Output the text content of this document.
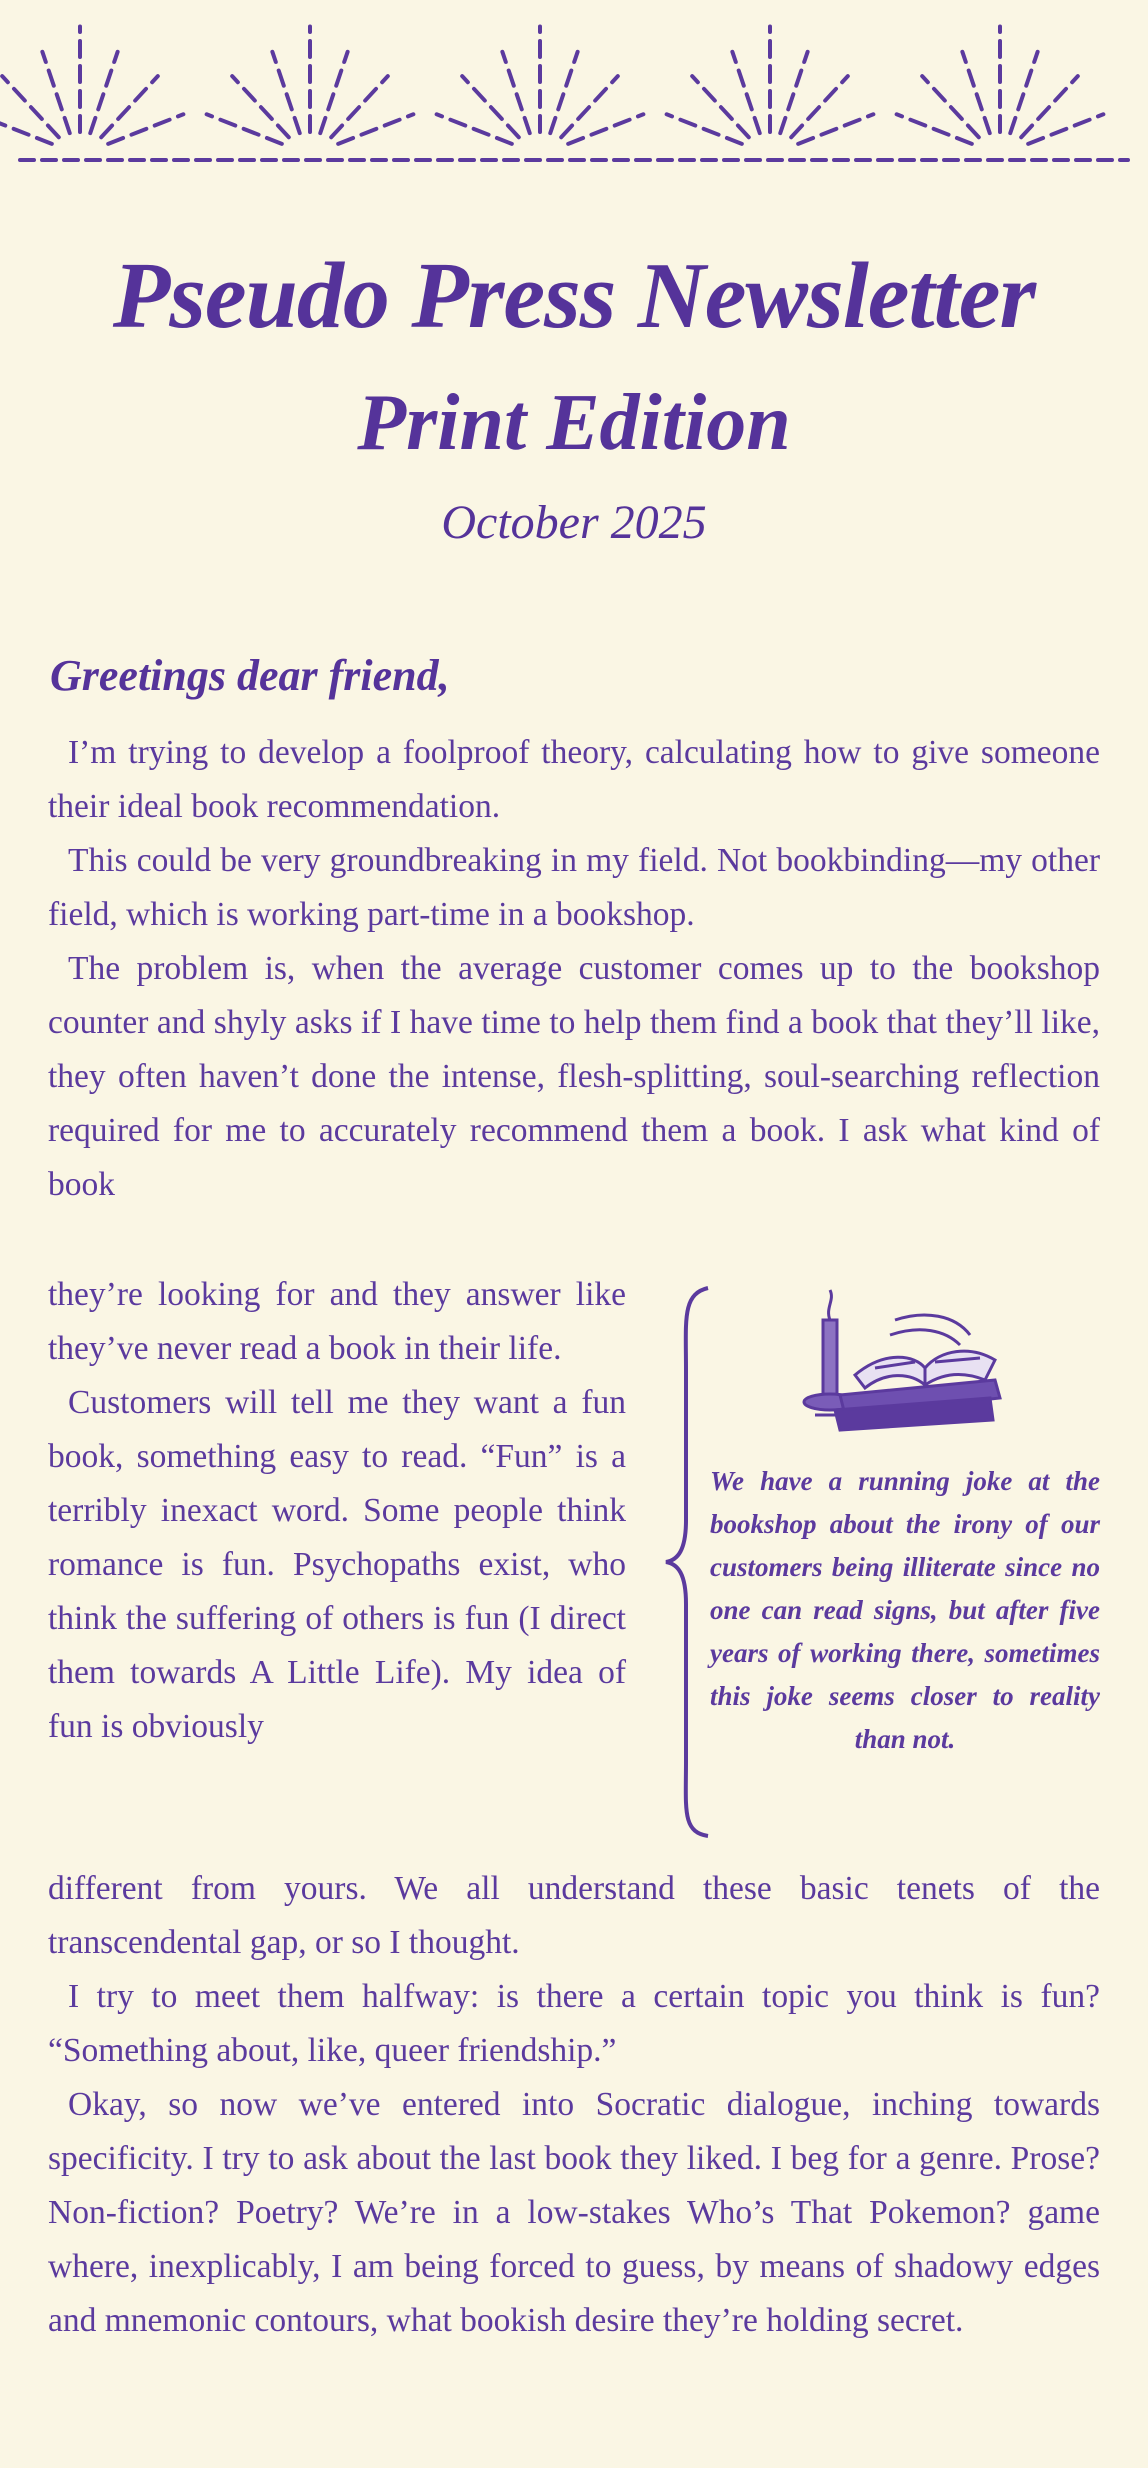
Pseudo Press Newsletter
Print Edition
October 2025

Greetings dear friend,

I’m trying to develop a foolproof theory, calculating how to give someone their ideal book recommendation.

This could be very groundbreaking in my field. Not bookbinding—my other field, which is working part-time in a bookshop.

The problem is, when the average customer comes up to the bookshop counter and shyly asks if I have time to help them find a book that they’ll like, they often haven’t done the intense, flesh-splitting, soul-searching reflection required for me to accurately recommend them a book. I ask what kind of book

they’re looking for and they answer like they’ve never read a book in their life.

Customers will tell me they want a fun book, something easy to read. “Fun” is a terribly inexact word. Some people think romance is fun. Psychopaths exist, who think the suffering of others is fun (I direct them towards A Little Life). My idea of fun is obviously

We have a running joke at the bookshop about the irony of our customers being illiterate since no one can read signs, but after five years of working there, sometimes this joke seems closer to reality than not.

different from yours. We all understand these basic tenets of the transcendental gap, or so I thought.

I try to meet them halfway: is there a certain topic you think is fun? “Something about, like, queer friendship.”

Okay, so now we’ve entered into Socratic dialogue, inching towards specificity. I try to ask about the last book they liked. I beg for a genre. Prose? Non-fiction? Poetry? We’re in a low-stakes Who’s That Pokemon? game where, inexplicably, I am being forced to guess, by means of shadowy edges and mnemonic contours, what bookish desire they’re holding secret.
